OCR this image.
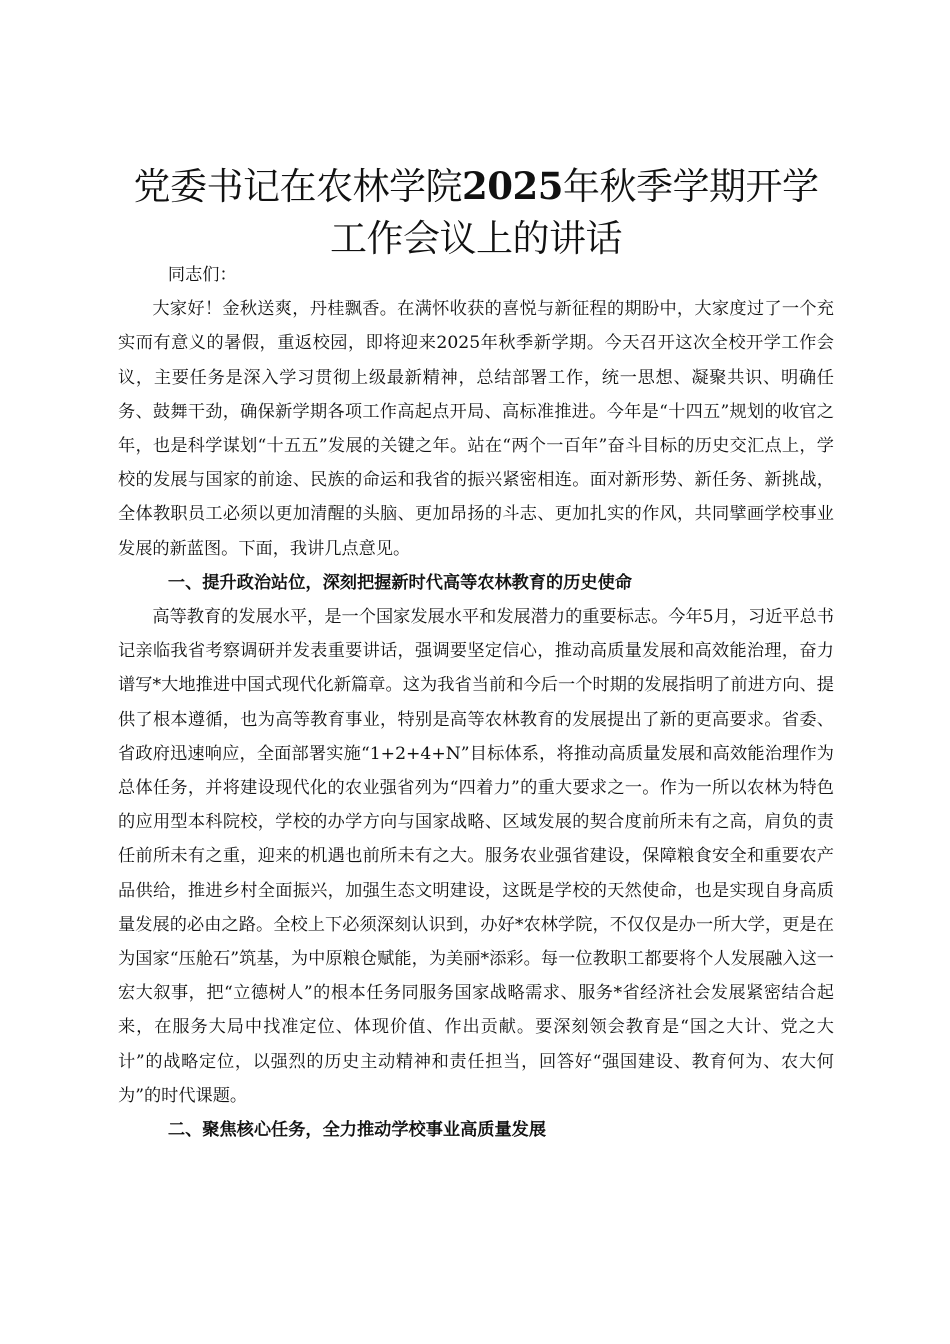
党委书记在农林学院2025年秋季学期开学工作会议上的讲话

同志们：

大家好！金秋送爽，丹桂飘香。在满怀收获的喜悦与新征程的期盼中，大家度过了一个充实而有意义的暑假，重返校园，即将迎来2025年秋季新学期。今天召开这次全校开学工作会议，主要任务是深入学习贯彻上级最新精神，总结部署工作，统一思想、凝聚共识、明确任务、鼓舞干劲，确保新学期各项工作高起点开局、高标准推进。今年是“十四五”规划的收官之年，也是科学谋划“十五五”发展的关键之年。站在“两个一百年”奋斗目标的历史交汇点上，学校的发展与国家的前途、民族的命运和我省的振兴紧密相连。面对新形势、新任务、新挑战，全体教职员工必须以更加清醒的头脑、更加昂扬的斗志、更加扎实的作风，共同擘画学校事业发展的新蓝图。下面，我讲几点意见。

一、提升政治站位，深刻把握新时代高等农林教育的历史使命

高等教育的发展水平，是一个国家发展水平和发展潜力的重要标志。今年5月，习近平总书记亲临我省考察调研并发表重要讲话，强调要坚定信心，推动高质量发展和高效能治理，奋力谱写*大地推进中国式现代化新篇章。这为我省当前和今后一个时期的发展指明了前进方向、提供了根本遵循，也为高等教育事业，特别是高等农林教育的发展提出了新的更高要求。省委、省政府迅速响应，全面部署实施“1+2+4+N”目标体系，将推动高质量发展和高效能治理作为总体任务，并将建设现代化的农业强省列为“四着力”的重大要求之一。作为一所以农林为特色的应用型本科院校，学校的办学方向与国家战略、区域发展的契合度前所未有之高，肩负的责任前所未有之重，迎来的机遇也前所未有之大。服务农业强省建设，保障粮食安全和重要农产品供给，推进乡村全面振兴，加强生态文明建设，这既是学校的天然使命，也是实现自身高质量发展的必由之路。全校上下必须深刻认识到，办好*农林学院，不仅仅是办一所大学，更是在为国家“压舱石”筑基，为中原粮仓赋能，为美丽*添彩。每一位教职工都要将个人发展融入这一宏大叙事，把“立德树人”的根本任务同服务国家战略需求、服务*省经济社会发展紧密结合起来，在服务大局中找准定位、体现价值、作出贡献。要深刻领会教育是“国之大计、党之大计”的战略定位，以强烈的历史主动精神和责任担当，回答好“强国建设、教育何为、农大何为”的时代课题。

二、聚焦核心任务，全力推动学校事业高质量发展
